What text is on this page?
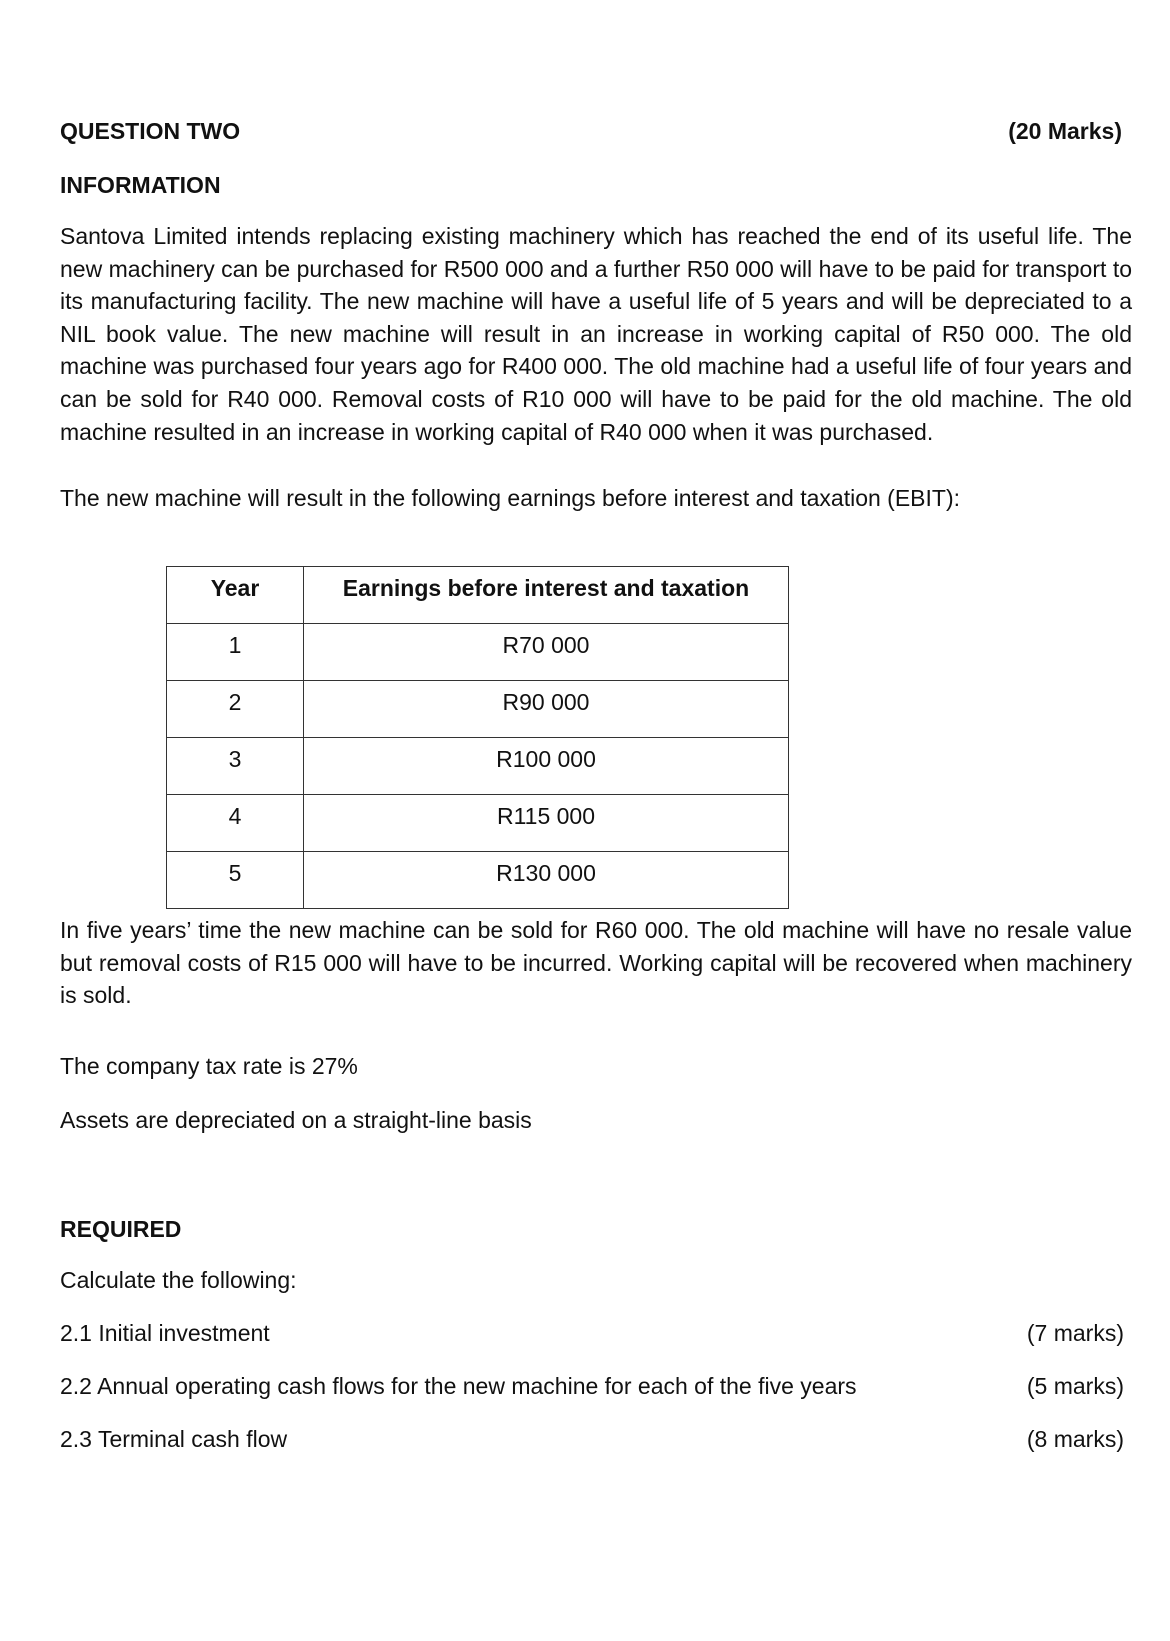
QUESTION TWO	(20 Marks)
INFORMATION
Santova Limited intends replacing existing machinery which has reached the end of its useful life. The new machinery can be purchased for R500 000 and a further R50 000 will have to be paid for transport to its manufacturing facility. The new machine will have a useful life of 5 years and will be depreciated to a NIL book value. The new machine will result in an increase in working capital of R50 000. The old machine was purchased four years ago for R400 000. The old machine had a useful life of four years and can be sold for R40 000. Removal costs of R10 000 will have to be paid for the old machine. The old machine resulted in an increase in working capital of R40 000 when it was purchased.
The new machine will result in the following earnings before interest and taxation (EBIT):
Year	Earnings before interest and taxation
1	R70 000
2	R90 000
3	R100 000
4	R115 000
5	R130 000
In five years’ time the new machine can be sold for R60 000. The old machine will have no resale value but removal costs of R15 000 will have to be incurred. Working capital will be recovered when machinery is sold.
The company tax rate is 27%
Assets are depreciated on a straight-line basis
REQUIRED
Calculate the following:
2.1 Initial investment	(7 marks)
2.2 Annual operating cash flows for the new machine for each of the five years	(5 marks)
2.3 Terminal cash flow	(8 marks)
